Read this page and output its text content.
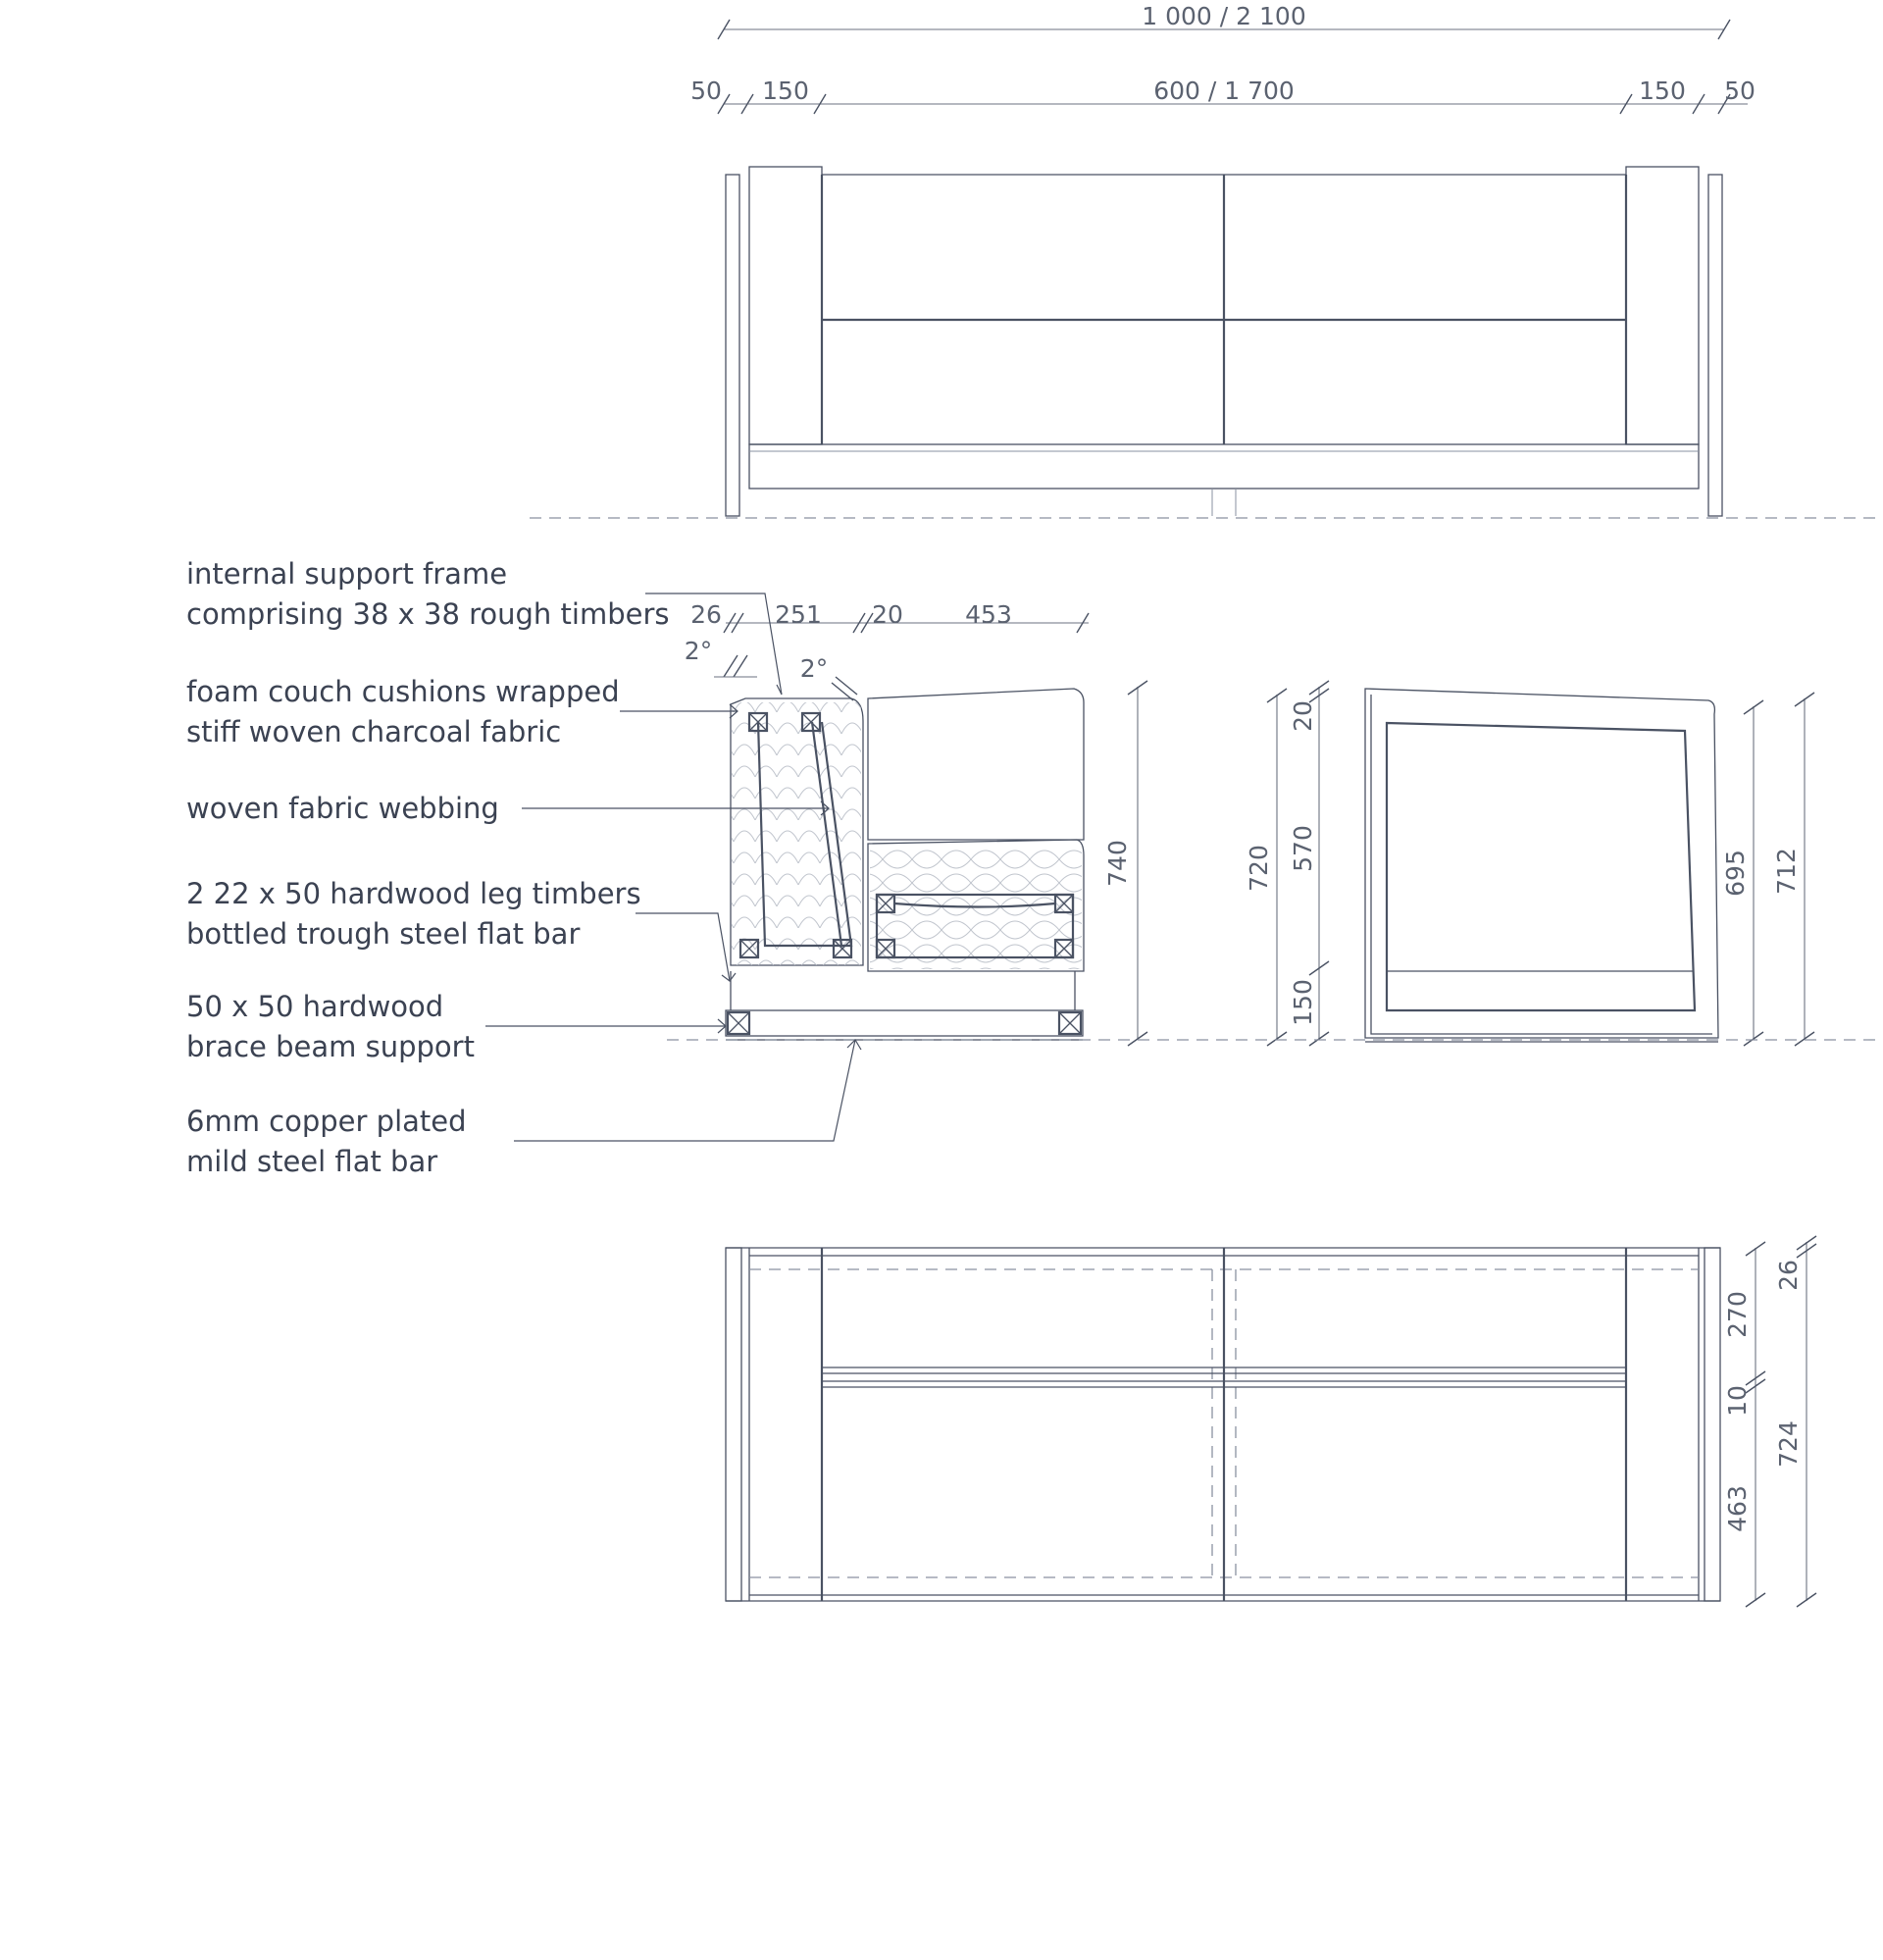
1 000 / 2 100
50 150	600 / 1 700	150 50
26 251 20	453
2°
2°
740	720
20
570
150
695 712
internal support frame
comprising 38 x 38 rough timbers
foam couch cushions wrapped
stiff woven charcoal fabric
woven fabric webbing
2 22 x 50 hardwood leg timbers
bottled trough steel flat bar
50 x 50 hardwood
brace beam support
6mm copper plated
mild steel flat bar
270
10
463
26
724
